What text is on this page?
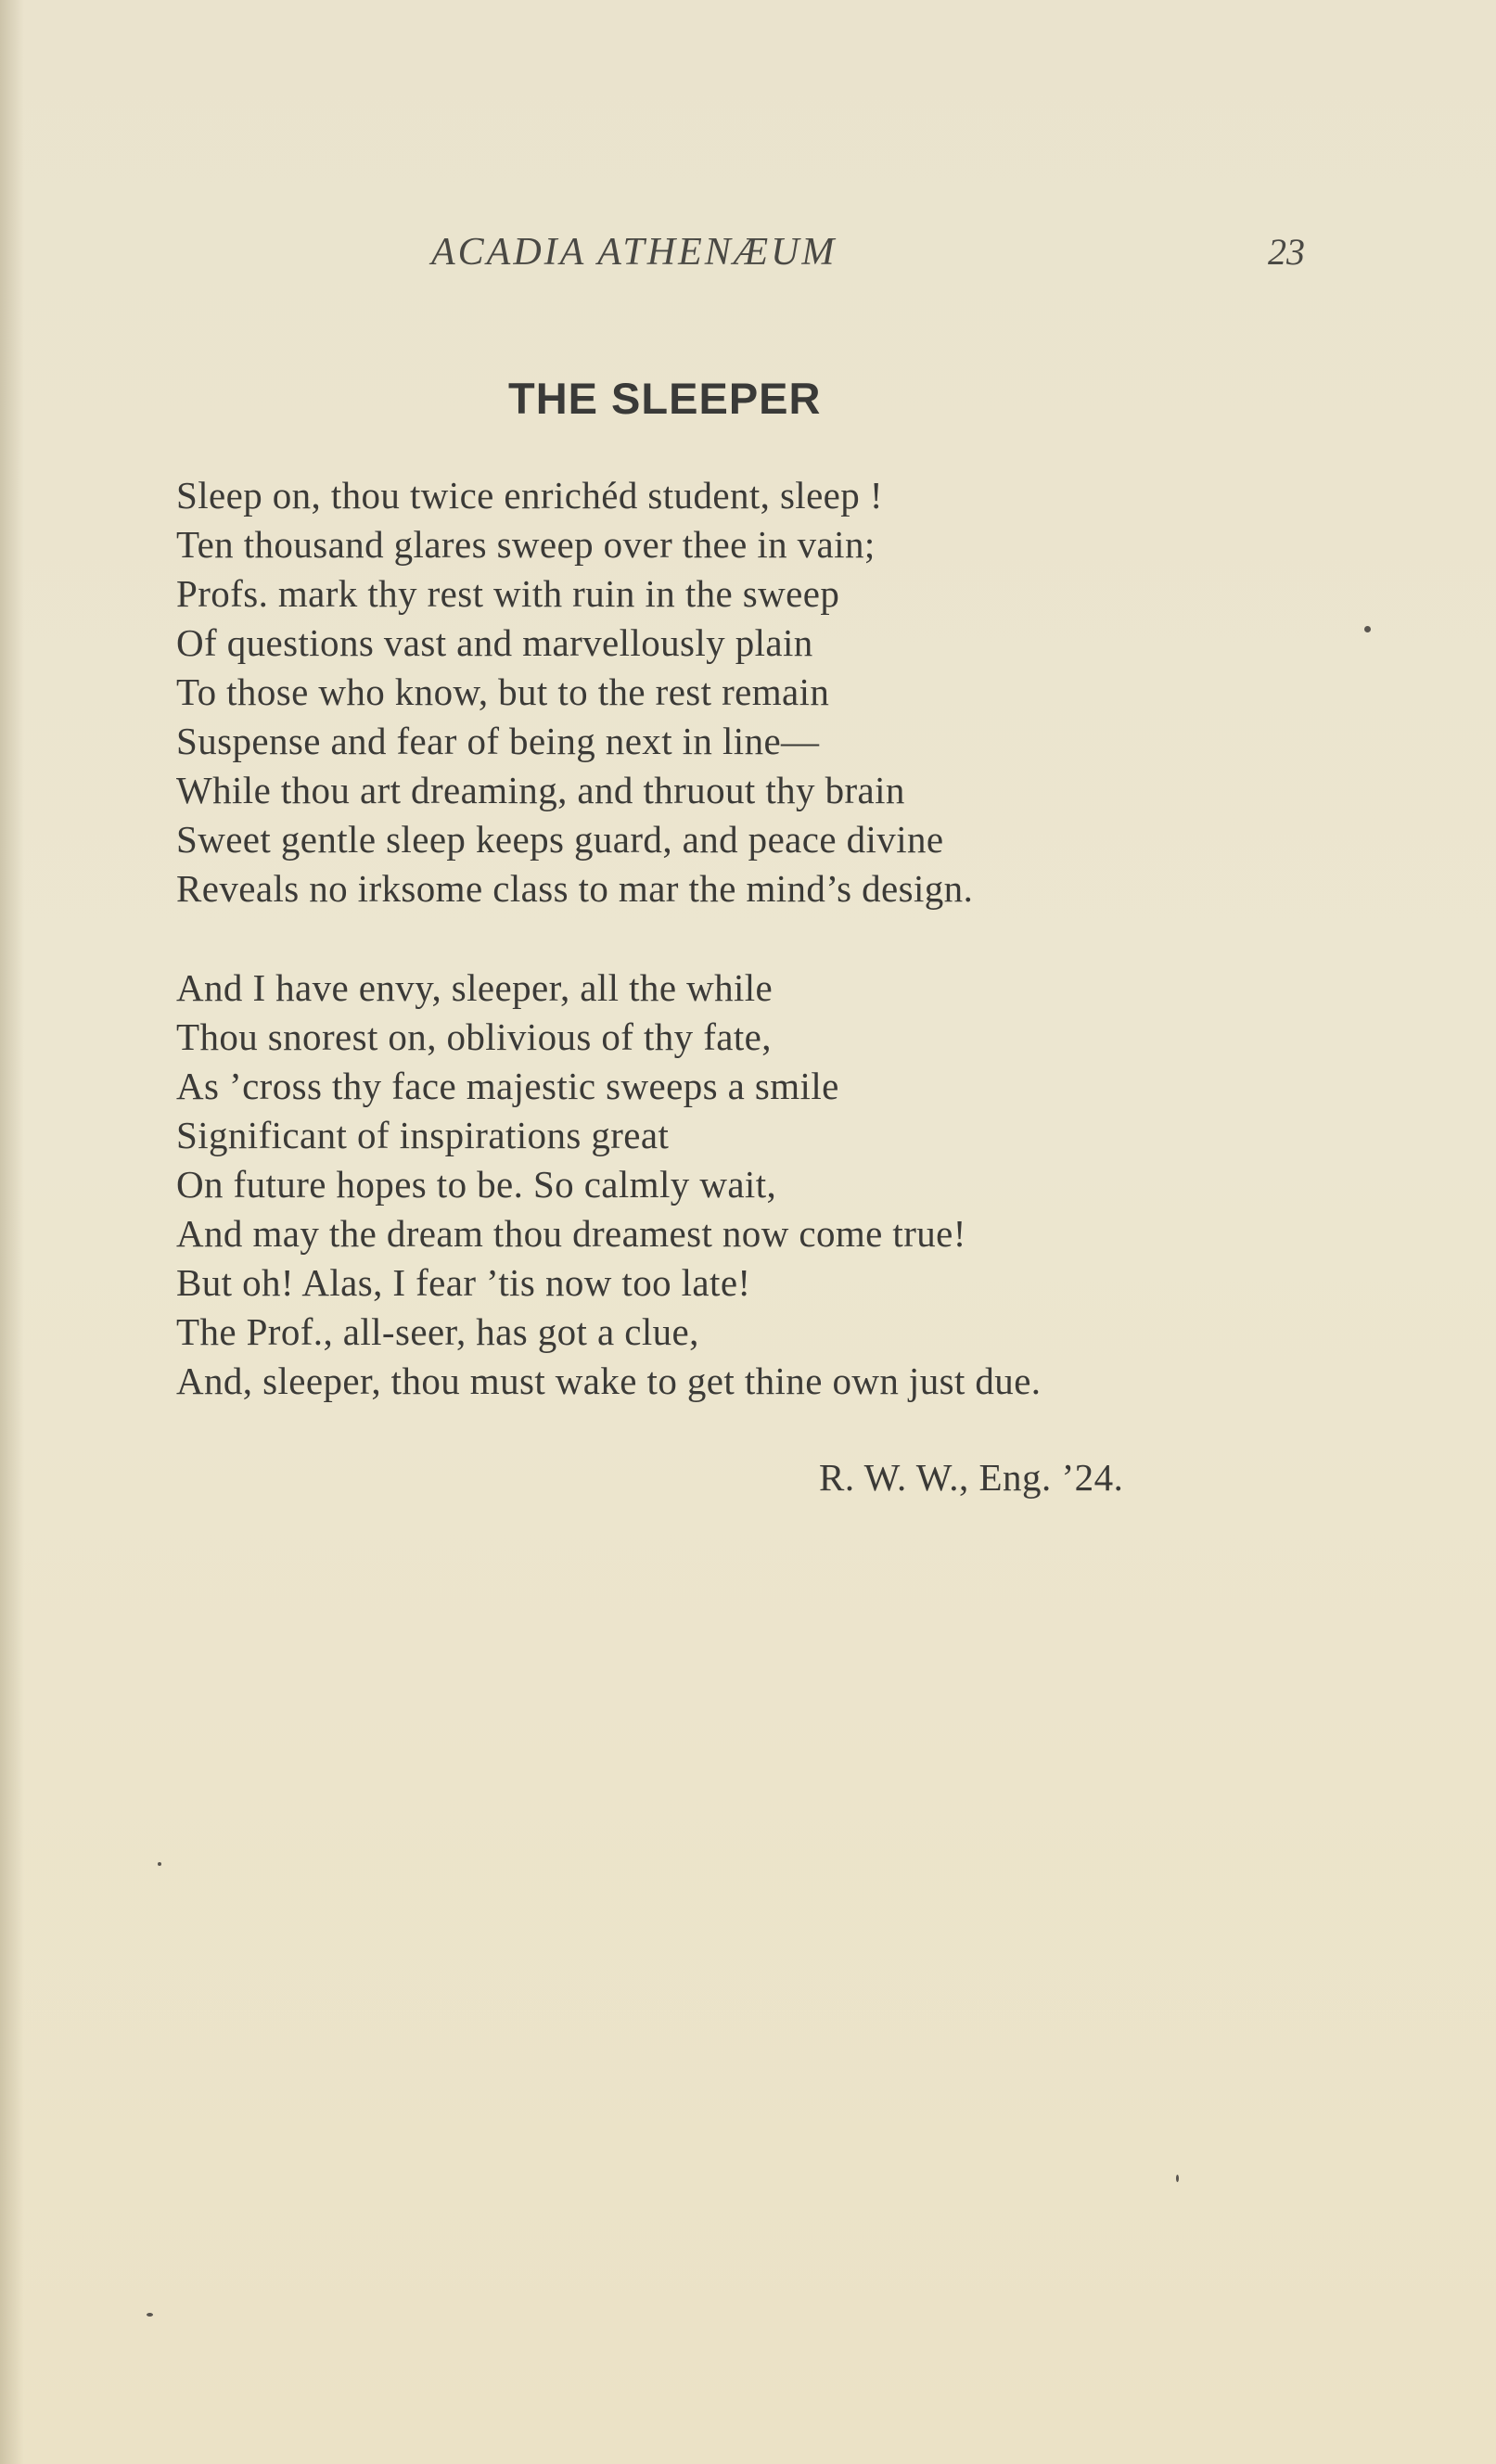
ACADIA ATHENÆUM	23
THE SLEEPER
Sleep on, thou twice enrichéd student, sleep !
Ten thousand glares sweep over thee in vain;
Profs. mark thy rest with ruin in the sweep
Of questions vast and marvellously plain
To those who know, but to the rest remain
Suspense and fear of being next in line—
While thou art dreaming, and thruout thy brain
Sweet gentle sleep keeps guard, and peace divine
Reveals no irksome class to mar the mind’s design.
And I have envy, sleeper, all the while
Thou snorest on, oblivious of thy fate,
As ’cross thy face majestic sweeps a smile
Significant of inspirations great
On future hopes to be. So calmly wait,
And may the dream thou dreamest now come true!
But oh! Alas, I fear ’tis now too late!
The Prof., all-seer, has got a clue,
And, sleeper, thou must wake to get thine own just due.
R. W. W., Eng. ’24.
